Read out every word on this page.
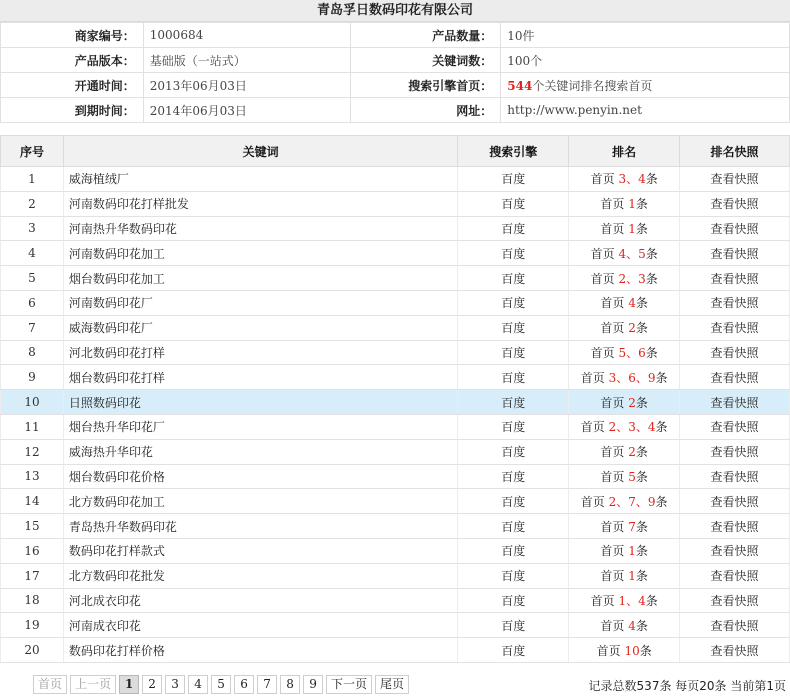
青岛孚日数码印花有限公司
商家编号：	1000684	产品数量：	10件
产品版本：	基础版（一站式）	关键词数：	100个
开通时间：	2013年06月03日	搜索引擎首页：	544个关键词排名搜索首页
到期时间：	2014年06月03日	网址：	http://www.penyin.net
序号	关键词	搜索引擎	排名	排名快照
1	威海植绒厂	百度	首页 3、4条	查看快照
2	河南数码印花打样批发	百度	首页 1条	查看快照
3	河南热升华数码印花	百度	首页 1条	查看快照
4	河南数码印花加工	百度	首页 4、5条	查看快照
5	烟台数码印花加工	百度	首页 2、3条	查看快照
6	河南数码印花厂	百度	首页 4条	查看快照
7	威海数码印花厂	百度	首页 2条	查看快照
8	河北数码印花打样	百度	首页 5、6条	查看快照
9	烟台数码印花打样	百度	首页 3、6、9条	查看快照
10	日照数码印花	百度	首页 2条	查看快照
11	烟台热升华印花厂	百度	首页 2、3、4条	查看快照
12	威海热升华印花	百度	首页 2条	查看快照
13	烟台数码印花价格	百度	首页 5条	查看快照
14	北方数码印花加工	百度	首页 2、7、9条	查看快照
15	青岛热升华数码印花	百度	首页 7条	查看快照
16	数码印花打样款式	百度	首页 1条	查看快照
17	北方数码印花批发	百度	首页 1条	查看快照
18	河北成衣印花	百度	首页 1、4条	查看快照
19	河南成衣印花	百度	首页 4条	查看快照
20	数码印花打样价格	百度	首页 10条	查看快照
首页	上一页	1	2	3	4	5	6	7	8	9	下一页	尾页	记录总数537条 每页20条 当前第1页
